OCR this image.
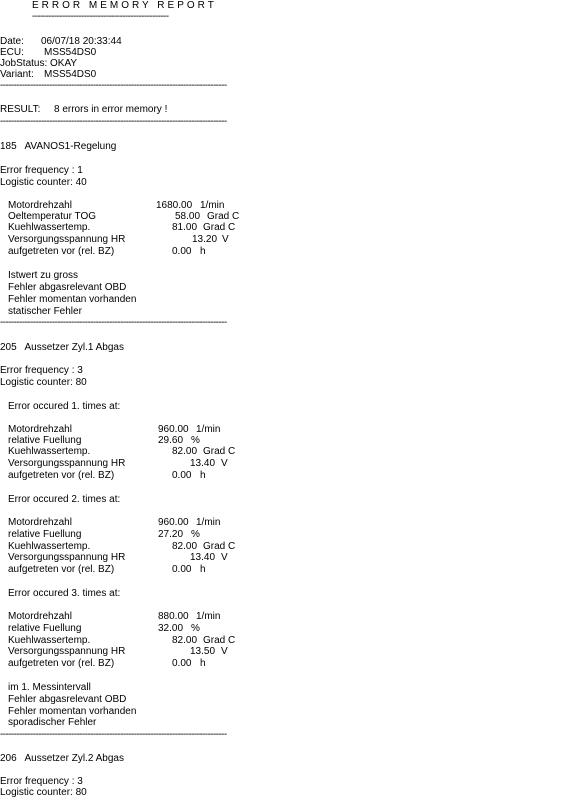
ERROR MEMORY REPORT
--------------------------------------------------
Date: 06/07/18 20:33:44
ECU: MSS54DS0
JobStatus: OKAY
Variant: MSS54DS0
-----------------------------------------------------------------------------------
RESULT: 8 errors in error memory !
-----------------------------------------------------------------------------------
185   AVANOS1-Regelung
Error frequency : 1
Logistic counter: 40
Motordrehzahl	1680.00 1/min
Oeltemperatur TOG	58.00 Grad C
Kuehlwassertemp.	81.00 Grad C
Versorgungsspannung HR	13.20 V
aufgetreten vor (rel. BZ)	0.00 h
Istwert zu gross
Fehler abgasrelevant OBD
Fehler momentan vorhanden
statischer Fehler
-----------------------------------------------------------------------------------
205   Aussetzer Zyl.1 Abgas
Error frequency : 3
Logistic counter: 80
Error occured 1. times at:
Motordrehzahl	960.00 1/min
relative Fuellung	29.60 %
Kuehlwassertemp.	82.00 Grad C
Versorgungsspannung HR	13.40 V
aufgetreten vor (rel. BZ)	0.00 h
Error occured 2. times at:
Motordrehzahl	960.00 1/min
relative Fuellung	27.20 %
Kuehlwassertemp.	82.00 Grad C
Versorgungsspannung HR	13.40 V
aufgetreten vor (rel. BZ)	0.00 h
Error occured 3. times at:
Motordrehzahl	880.00 1/min
relative Fuellung	32.00 %
Kuehlwassertemp.	82.00 Grad C
Versorgungsspannung HR	13.50 V
aufgetreten vor (rel. BZ)	0.00 h
im 1. Messintervall
Fehler abgasrelevant OBD
Fehler momentan vorhanden
sporadischer Fehler
-----------------------------------------------------------------------------------
206   Aussetzer Zyl.2 Abgas
Error frequency : 3
Logistic counter: 80
